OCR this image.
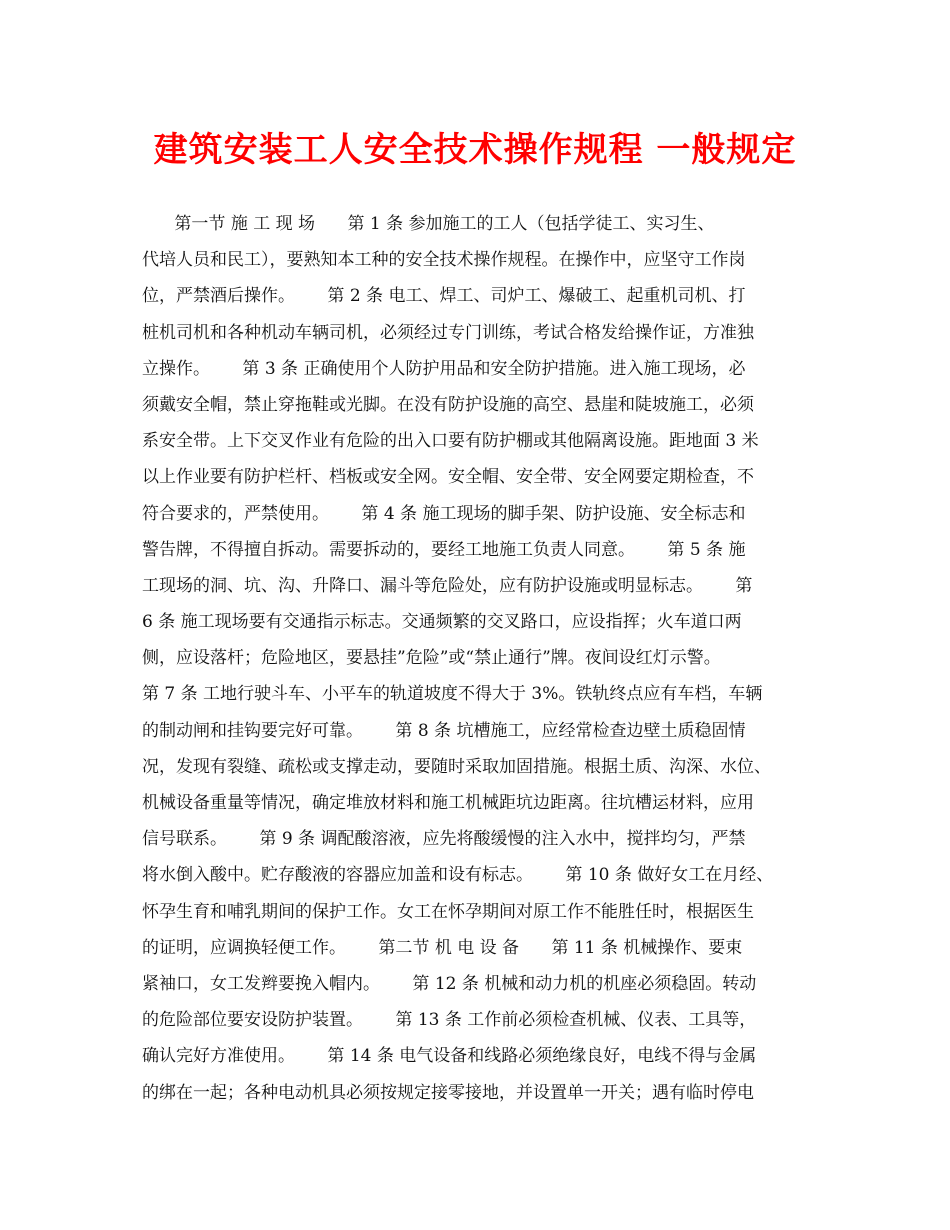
建筑安装工人安全技术操作规程 一般规定
第一节 施 工 现 场      第 1 条 参加施工的工人（包括学徒工、实习生、
代培人员和民工），要熟知本工种的安全技术操作规程。在操作中，应坚守工作岗
位，严禁酒后操作。      第 2 条 电工、焊工、司炉工、爆破工、起重机司机、打
桩机司机和各种机动车辆司机，必须经过专门训练，考试合格发给操作证，方准独
立操作。      第 3 条 正确使用个人防护用品和安全防护措施。进入施工现场，必
须戴安全帽，禁止穿拖鞋或光脚。在没有防护设施的高空、悬崖和陡坡施工，必须
系安全带。上下交叉作业有危险的出入口要有防护棚或其他隔离设施。距地面 3 米
以上作业要有防护栏杆、档板或安全网。安全帽、安全带、安全网要定期检查，不
符合要求的，严禁使用。      第 4 条 施工现场的脚手架、防护设施、安全标志和
警告牌，不得擅自拆动。需要拆动的，要经工地施工负责人同意。      第 5 条 施
工现场的洞、坑、沟、升降口、漏斗等危险处，应有防护设施或明显标志。      第
6 条 施工现场要有交通指示标志。交通频繁的交叉路口，应设指挥；火车道口两
侧，应设落杆；危险地区，要悬挂”危险”或“禁止通行”牌。夜间设红灯示警。
第 7 条 工地行驶斗车、小平车的轨道坡度不得大于 3%。铁轨终点应有车档，车辆
的制动闸和挂钩要完好可靠。      第 8 条 坑槽施工，应经常检查边壁土质稳固情
况，发现有裂缝、疏松或支撑走动，要随时采取加固措施。根据土质、沟深、水位、
机械设备重量等情况，确定堆放材料和施工机械距坑边距离。往坑槽运材料，应用
信号联系。      第 9 条 调配酸溶液，应先将酸缓慢的注入水中，搅拌均匀，严禁
将水倒入酸中。贮存酸液的容器应加盖和设有标志。      第 10 条 做好女工在月经、
怀孕生育和哺乳期间的保护工作。女工在怀孕期间对原工作不能胜任时，根据医生
的证明，应调换轻便工作。      第二节 机 电 设 备      第 11 条 机械操作、要束
紧袖口，女工发辫要挽入帽内。      第 12 条 机械和动力机的机座必须稳固。转动
的危险部位要安设防护装置。      第 13 条 工作前必须检查机械、仪表、工具等，
确认完好方准使用。      第 14 条 电气设备和线路必须绝缘良好，电线不得与金属
的绑在一起；各种电动机具必须按规定接零接地，并设置单一开关；遇有临时停电
